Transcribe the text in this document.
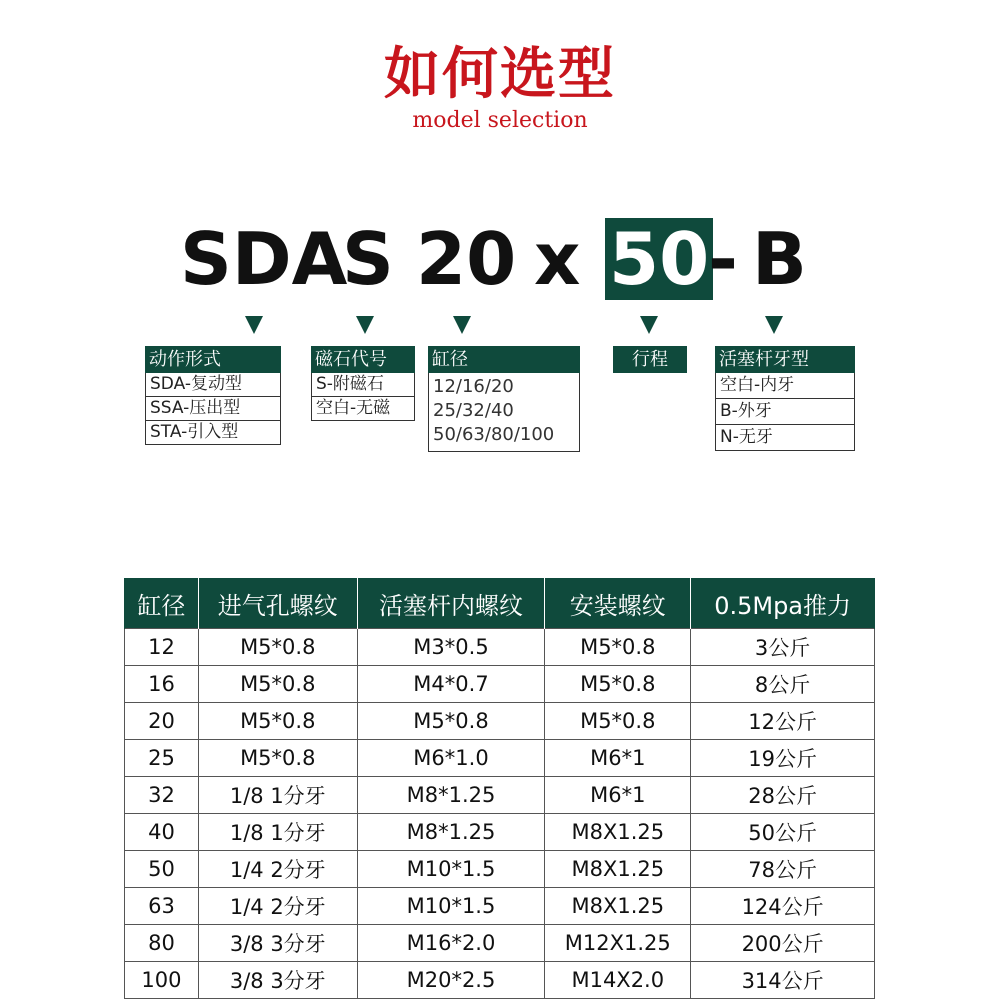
如何选型
model selection
SDA
S 20 x 50
- B
动作形式
SDA-复动型
SSA-压出型
STA-引入型
磁石代号
S-附磁石
空白-无磁
缸径
12/16/20
25/32/40
50/63/80/100
行程	活塞杆牙型
空白-内牙
B-外牙
N-无牙
缸径	进气孔螺纹	活塞杆内螺纹	安装螺纹	0.5Mpa推力
12	M5*0.8	M3*0.5	M5*0.8	3公斤
16	M5*0.8	M4*0.7	M5*0.8	8公斤
20	M5*0.8	M5*0.8	M5*0.8	12公斤
25	M5*0.8	M6*1.0	M6*1	19公斤
32	1/8 1分牙	M8*1.25	M6*1	28公斤
40	1/8 1分牙	M8*1.25	M8X1.25	50公斤
50	1/4 2分牙	M10*1.5	M8X1.25	78公斤
63	1/4 2分牙	M10*1.5	M8X1.25	124公斤
80	3/8 3分牙	M16*2.0	M12X1.25	200公斤
100	3/8 3分牙	M20*2.5	M14X2.0	314公斤
